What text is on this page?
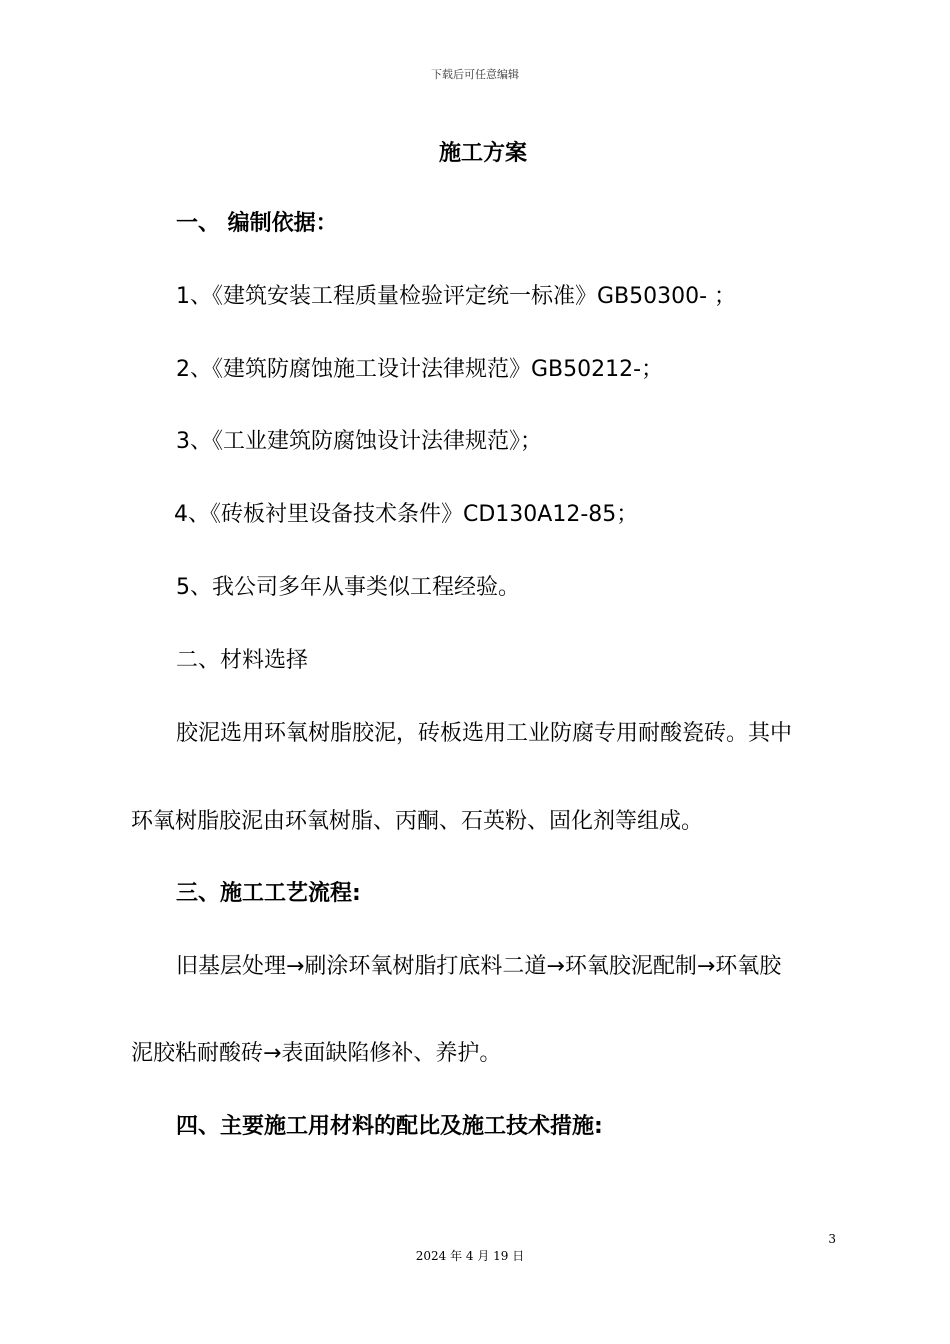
下载后可任意编辑
施工方案
一、 编制依据：
1、《建筑安装工程质量检验评定统一标准》GB50300- ；
2、《建筑防腐蚀施工设计法律规范》GB50212-；
3、《工业建筑防腐蚀设计法律规范》；
4、《砖板衬里设备技术条件》CD130A12-85；
5、我公司多年从事类似工程经验。
二、材料选择
胶泥选用环氧树脂胶泥，砖板选用工业防腐专用耐酸瓷砖。其中
环氧树脂胶泥由环氧树脂、丙酮、石英粉、固化剂等组成。
三、施工工艺流程:
旧基层处理→刷涂环氧树脂打底料二道→环氧胶泥配制→环氧胶
泥胶粘耐酸砖→表面缺陷修补、养护。
四、主要施工用材料的配比及施工技术措施:
3
2024 年 4 月 19 日
